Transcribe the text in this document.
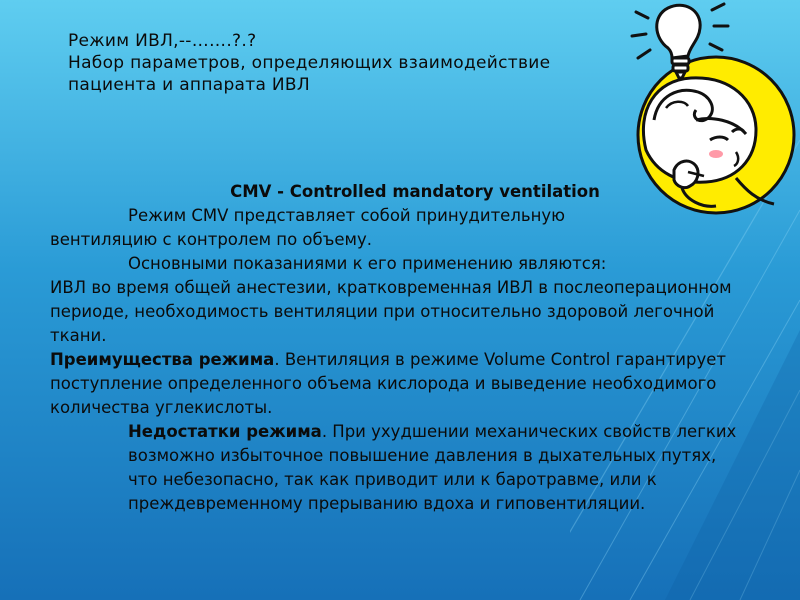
Режим ИВЛ,--…….?.?
Набор параметров, определяющих взаимодействие
пациента и аппарата ИВЛ

CMV - Controlled mandatory ventilation

Режим CMV представляет собой принудительную

вентиляцию с контролем по объему.

Основными показаниями к его применению являются:

ИВЛ во время общей анестезии, кратковременная ИВЛ в послеоперационном периоде, необходимость вентиляции при относительно здоровой легочной ткани.

Преимущества режима. Вентиляция в режиме Volume Control гарантирует поступление определенного объема кислорода и выведение необходимого количества углекислоты.

Недостатки режима. При ухудшении механических свойств легких возможно избыточное повышение давления в дыхательных путях, что небезопасно, так как приводит или к баротравме, или к преждевременному прерыванию вдоха и гиповентиляции.
